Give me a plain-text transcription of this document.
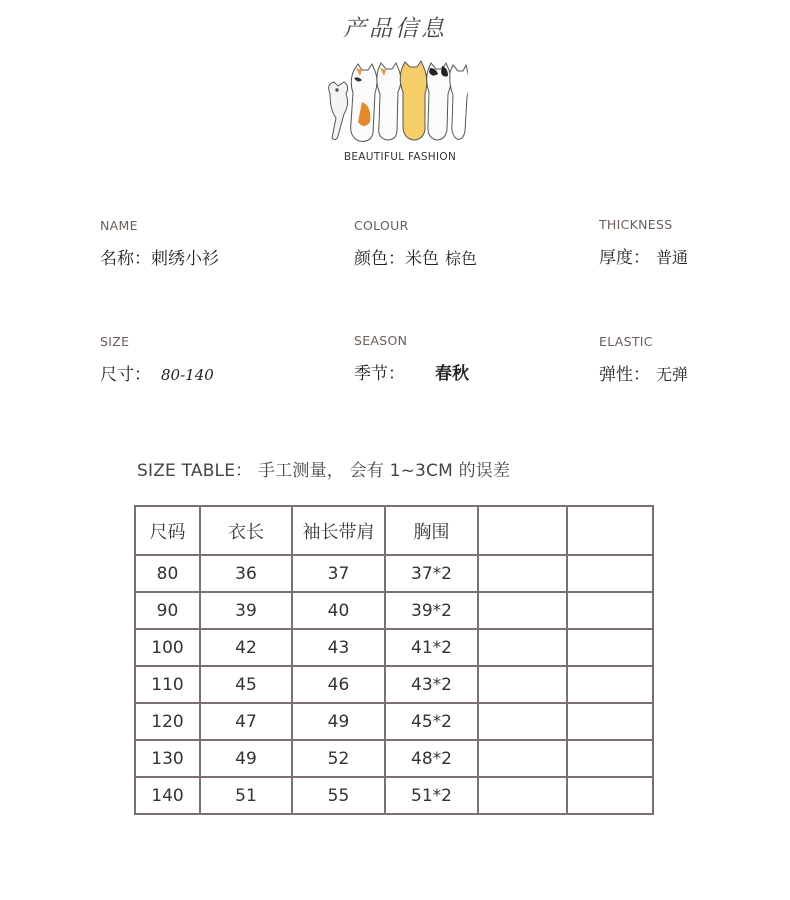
产品信息
BEAUTIFUL FASHION
NAME
名称：刺绣小衫
COLOUR
颜色：米色 棕色
THICKNESS
厚度： 普通
SIZE
尺寸： 80-140
SEASON
季节： 春秋
ELASTIC
弹性： 无弹
SIZE TABLE： 手工测量， 会有 1~3CM 的误差
尺码	衣长	袖长带肩	胸围		
80	36	37	37*2		
90	39	40	39*2		
100	42	43	41*2		
110	45	46	43*2		
120	47	49	45*2		
130	49	52	48*2		
140	51	55	51*2		
